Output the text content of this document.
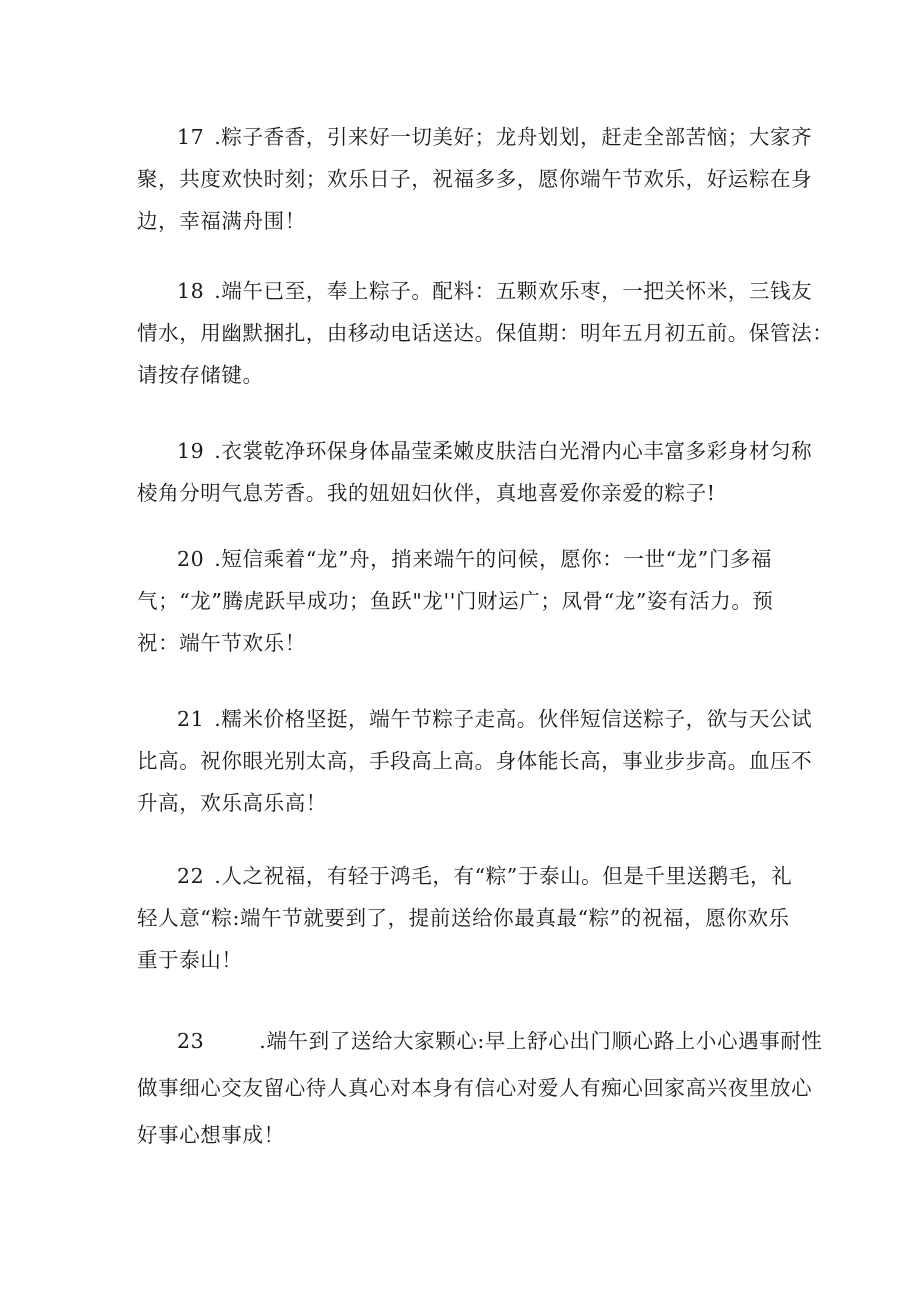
17 .粽子香香，引来好一切美好；龙舟划划，赶走全部苦恼；大家齐
聚，共度欢快时刻；欢乐日子，祝福多多，愿你端午节欢乐，好运粽在身
边，幸福满舟围！

18 .端午已至，奉上粽子。配料：五颗欢乐枣，一把关怀米，三钱友
情水，用幽默捆扎，由移动电话送达。保值期：明年五月初五前。保管法：
请按存储键。

19 .衣裳乾净环保身体晶莹柔嫩皮肤洁白光滑内心丰富多彩身材匀称
棱角分明气息芳香。我的妞妞妇伙伴，真地喜爱你亲爱的粽子!

20 .短信乘着“龙”舟，捎来端午的问候，愿你：一世“龙”门多福
气；“龙”腾虎跃早成功；鱼跃"龙''门财运广；凤骨“龙”姿有活力。预
祝：端午节欢乐！

21 .糯米价格坚挺，端午节粽子走高。伙伴短信送粽子，欲与天公试
比高。祝你眼光别太高，手段高上高。身体能长高，事业步步高。血压不
升高，欢乐高乐高！

22 .人之祝福，有轻于鸿毛，有“粽”于泰山。但是千里送鹅毛，礼
轻人意“粽:端午节就要到了，提前送给你最真最“粽”的祝福，愿你欢乐
重于泰山！

23	.端午到了送给大家颗心:早上舒心出门顺心路上小心遇事耐性
做事细心交友留心待人真心对本身有信心对爱人有痴心回家高兴夜里放心
好事心想事成！
